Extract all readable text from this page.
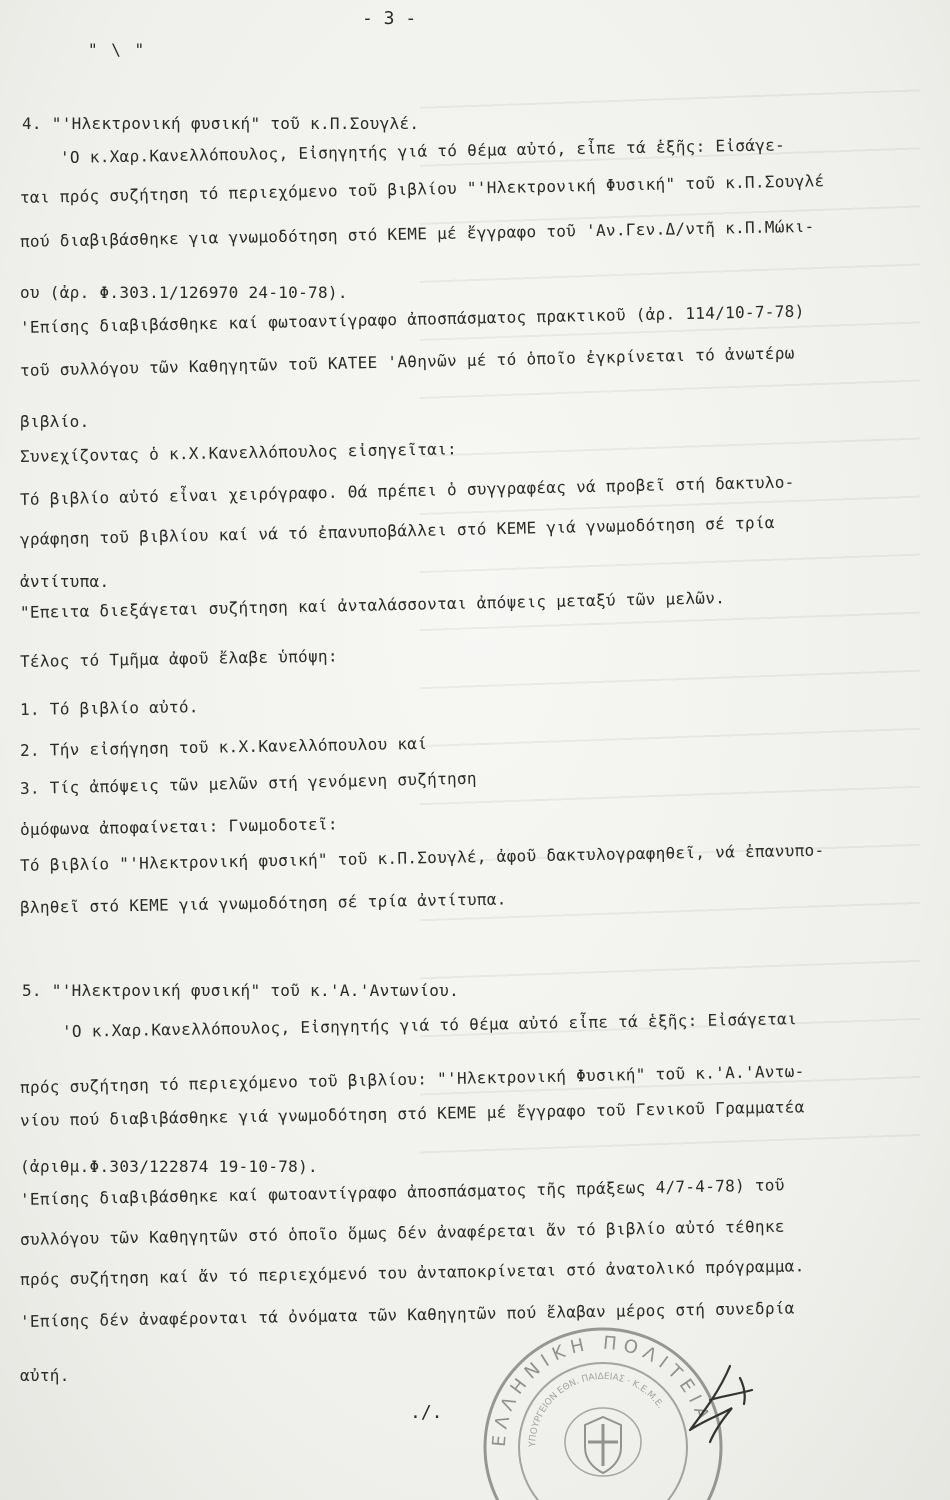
- 3 -
" \ "
4. "'Ηλεκτρονική φυσική" τοῦ κ.Π.Σουγλέ.
'Ο κ.Χαρ.Κανελλόπουλος, Εἰσηγητής γιά τό θέμα αὐτό, εἶπε τά ἑξῆς: Εἰσάγε-
ται πρός συζήτηση τό περιεχόμενο τοῦ βιβλίου "'Ηλεκτρονική Φυσική" τοῦ κ.Π.Σουγλέ
πού διαβιβάσθηκε για γνωμοδότηση στό ΚΕΜΕ μέ ἔγγραφο τοῦ 'Αν.Γεν.Δ/ντῆ κ.Π.Μώκι-
ου (ἀρ. Φ.303.1/126970 24-10-78).
'Επίσης διαβιβάσθηκε καί φωτοαντίγραφο ἀποσπάσματος πρακτικοῦ (ἀρ. 114/10-7-78)
τοῦ συλλόγου τῶν Καθηγητῶν τοῦ ΚΑΤΕΕ 'Αθηνῶν μέ τό ὁποῖο ἐγκρίνεται τό ἀνωτέρω
βιβλίο.
Συνεχίζοντας ὁ κ.Χ.Κανελλόπουλος εἰσηγεῖται:
Τό βιβλίο αὐτό εἶναι χειρόγραφο. Θά πρέπει ὁ συγγραφέας νά προβεῖ στή δακτυλο-
γράφηση τοῦ βιβλίου καί νά τό ἐπανυποβάλλει στό ΚΕΜΕ γιά γνωμοδότηση σέ τρία
ἀντίτυπα.
"Επειτα διεξάγεται συζήτηση καί ἀνταλάσσονται ἀπόψεις μεταξύ τῶν μελῶν.
Τέλος τό Τμῆμα ἀφοῦ ἔλαβε ὑπόψη:
1. Τό βιβλίο αὐτό.
2. Τήν εἰσήγηση τοῦ κ.Χ.Κανελλόπουλου καί
3. Τίς ἀπόψεις τῶν μελῶν στή γενόμενη συζήτηση
ὁμόφωνα ἀποφαίνεται: Γνωμοδοτεῖ:
Τό βιβλίο "'Ηλεκτρονική φυσική" τοῦ κ.Π.Σουγλέ, ἀφοῦ δακτυλογραφηθεῖ, νά ἐπανυπο-
βληθεῖ στό ΚΕΜΕ γιά γνωμοδότηση σέ τρία ἀντίτυπα.
5. "'Ηλεκτρονική φυσική" τοῦ κ.'Α.'Αντωνίου.
'Ο κ.Χαρ.Κανελλόπουλος, Εἰσηγητής γιά τό θέμα αὐτό εἶπε τά ἑξῆς: Εἰσάγεται
πρός συζήτηση τό περιεχόμενο τοῦ βιβλίου: "'Ηλεκτρονική Φυσική" τοῦ κ.'Α.'Αντω-
νίου πού διαβιβάσθηκε γιά γνωμοδότηση στό ΚΕΜΕ μέ ἔγγραφο τοῦ Γενικοῦ Γραμματέα
(ἀριθμ.Φ.303/122874 19-10-78).
'Επίσης διαβιβάσθηκε καί φωτοαντίγραφο ἀποσπάσματος τῆς πράξεως 4/7-4-78) τοῦ
συλλόγου τῶν Καθηγητῶν στό ὁποῖο ὅμως δέν ἀναφέρεται ἄν τό βιβλίο αὐτό τέθηκε
πρός συζήτηση καί ἄν τό περιεχόμενό του ἀνταποκρίνεται στό ἀνατολικό πρόγραμμα.
'Επίσης δέν ἀναφέρονται τά ὀνόματα τῶν Καθηγητῶν πού ἔλαβαν μέρος στή συνεδρία
αὐτή.
./.
ΕΛΛΗΝΙΚΗ ΠΟΛΙΤΕΙΑ
ΥΠΟΥΡΓΕΙΟΝ ΕΘΝ. ΠΑΙΔΕΙΑΣ · Κ.Ε.Μ.Ε.
